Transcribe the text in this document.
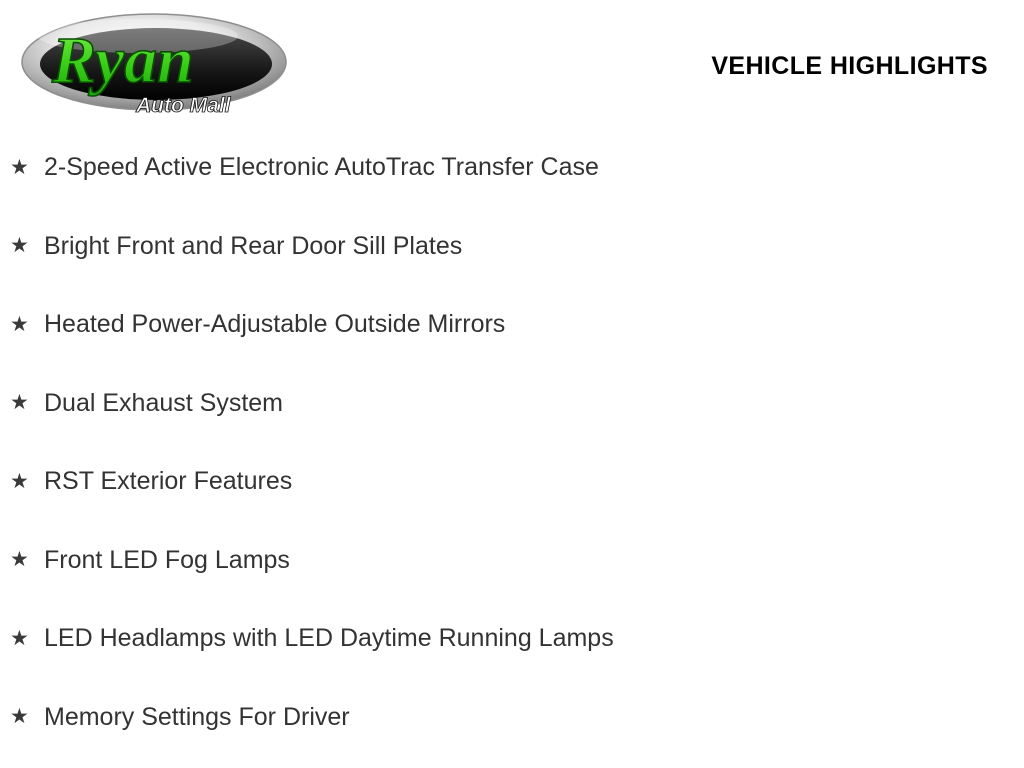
Ryan
Auto Mall
VEHICLE HIGHLIGHTS
★ 2-Speed Active Electronic AutoTrac Transfer Case
★ Bright Front and Rear Door Sill Plates
★ Heated Power-Adjustable Outside Mirrors
★ Dual Exhaust System
★ RST Exterior Features
★ Front LED Fog Lamps
★ LED Headlamps with LED Daytime Running Lamps
★ Memory Settings For Driver
